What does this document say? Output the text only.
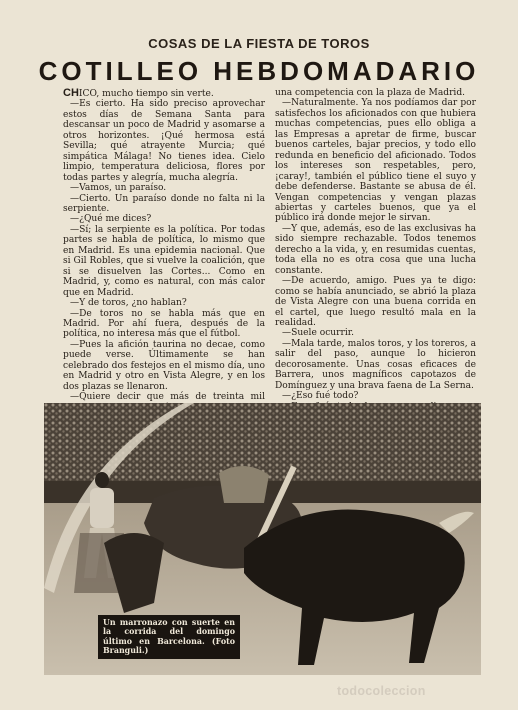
COSAS DE LA FIESTA DE TOROS
COTILLEO HEBDOMADARIO

CHICO, mucho tiempo sin verte.

—Es cierto. Ha sido preciso aprovechar estos días de Semana Santa para descansar un poco de Madrid y asomarse a otros horizontes. ¡Qué hermosa está Sevilla; qué atrayente Murcia; qué simpática Málaga! No tienes idea. Cielo limpio, temperatura deliciosa, flores por todas partes y alegría, mucha alegría.

—Vamos, un paraíso.

—Cierto. Un paraíso donde no falta ni la serpiente.

—¿Qué me dices?

—Sí; la serpiente es la política. Por todas partes se habla de política, lo mismo que en Madrid. Es una epidemia nacional. Que si Gil Robles, que si vuelve la coalición, que si se disuelven las Cortes... Como en Madrid, y, como es natural, con más calor que en Madrid.

—Y de toros, ¿no hablan?

—De toros no se habla más que en Madrid. Por ahí fuera, después de la política, no interesa más que el fútbol.

—Pues la afición taurina no decae, como puede verse. Últimamente se han celebrado dos festejos en el mismo día, uno en Madrid y otro en Vista Alegre, y en los dos plazas se llenaron.

—Quiere decir que más de treinta mil

una competencia con la plaza de Madrid.

—Naturalmente. Ya nos podíamos dar por satisfechos los aficionados con que hubiera muchas competencias, pues ello obliga a las Empresas a apretar de firme, buscar buenos carteles, bajar precios, y todo ello redunda en beneficio del aficionado. Todos los intereses son respetables, pero, ¡caray!, también el público tiene el suyo y debe defenderse. Bastante se abusa de él. Vengan competencias y vengan plazas abiertas y carteles buenos, que ya el público irá donde mejor le sirvan.

—Y que, además, eso de las exclusivas ha sido siempre rechazable. Todos tenemos derecho a la vida, y, en resumidas cuentas, toda ella no es otra cosa que una lucha constante.

—De acuerdo, amigo. Pues ya te digo: como se había anunciado, se abrió la plaza de Vista Alegre con una buena corrida en el cartel, que luego resultó mala en la realidad.

—Suele ocurrir.

—Mala tarde, malos toros, y los toreros, a salir del paso, aunque lo hicieron decorosamente. Unas cosas eficaces de Barrera, unos magníficos capotazos de Domínguez y una brava faena de La Serna.

—¿Eso fué todo?

Un marronazo con suerte en la corrida del domingo último en Barcelona. (Foto Branguli.)
todocoleccion
